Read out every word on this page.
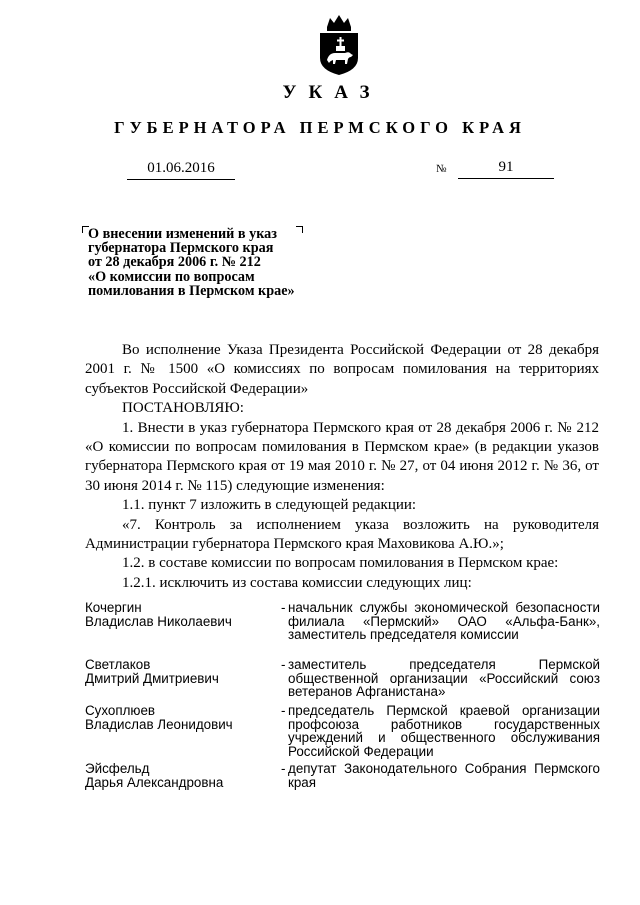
УКАЗ
ГУБЕРНАТОРА ПЕРМСКОГО КРАЯ
01.06.2016	№	91
О внесении изменений в указ
губернатора Пермского края
от 28 декабря 2006 г. № 212
«О комиссии по вопросам
помилования в Пермском крае»
Во исполнение Указа Президента Российской Федерации от 28 декабря 2001 г. № 1500 «О комиссиях по вопросам помилования на территориях субъектов Российской Федерации»
ПОСТАНОВЛЯЮ:
1. Внести в указ губернатора Пермского края от 28 декабря 2006 г. № 212 «О комиссии по вопросам помилования в Пермском крае» (в редакции указов губернатора Пермского края от 19 мая 2010 г. № 27, от 04 июня 2012 г. № 36, от 30 июня 2014 г. № 115) следующие изменения:
1.1. пункт 7 изложить в следующей редакции:
«7. Контроль за исполнением указа возложить на руководителя Администрации губернатора Пермского края Маховикова А.Ю.»;
1.2. в составе комиссии по вопросам помилования в Пермском крае:
1.2.1. исключить из состава комиссии следующих лиц:
Кочергин
Владислав Николаевич
- начальник службы экономической безопасности филиала «Пермский» ОАО «Альфа-Банк», заместитель председателя комиссии
Светлаков
Дмитрий Дмитриевич
- заместитель председателя Пермской общественной организации «Российский союз ветеранов Афганистана»
Сухоплюев
Владислав Леонидович
- председатель Пермской краевой организации профсоюза работников государственных учреждений и общественного обслуживания Российской Федерации
Эйсфельд
Дарья Александровна
- депутат Законодательного Собрания Пермского края
